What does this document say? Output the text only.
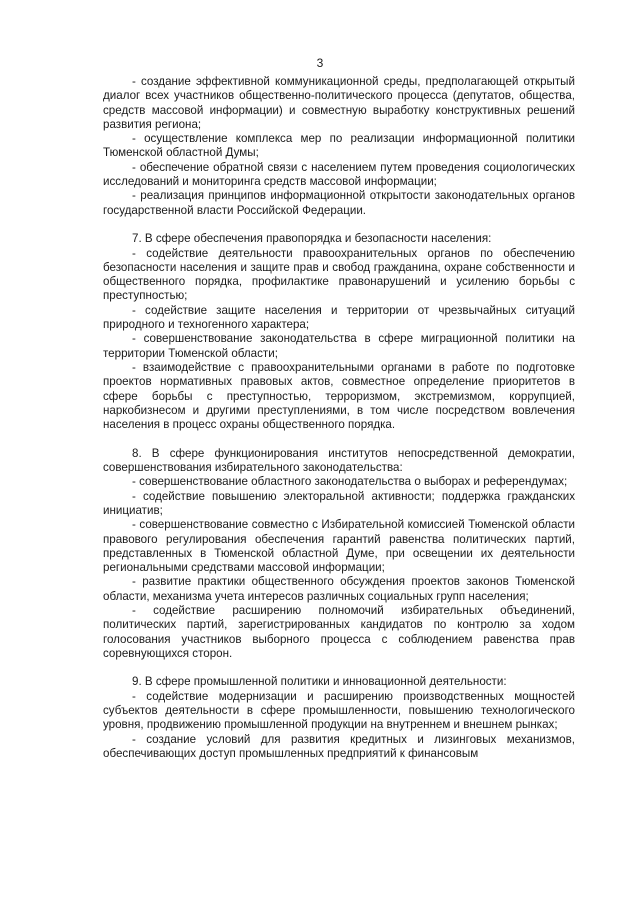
3

- создание эффективной коммуникационной среды, предполагающей открытый диалог всех участников общественно-политического процесса (депутатов, общества, средств массовой информации) и совместную выработку конструктивных решений развития региона;

- осуществление комплекса мер по реализации информационной политики Тюменской областной Думы;

- обеспечение обратной связи с населением путем проведения социологических исследований и мониторинга средств массовой информации;

- реализация принципов информационной открытости законодательных органов государственной власти Российской Федерации.

7. В сфере обеспечения правопорядка и безопасности населения:

- содействие деятельности правоохранительных органов по обеспечению безопасности населения и защите прав и свобод гражданина, охране собственности и общественного порядка, профилактике правонарушений и усилению борьбы с преступностью;

- содействие защите населения и территории от чрезвычайных ситуаций природного и техногенного характера;

- совершенствование законодательства в сфере миграционной политики на территории Тюменской области;

- взаимодействие с правоохранительными органами в работе по подготовке проектов нормативных правовых актов, совместное определение приоритетов в сфере борьбы с преступностью, терроризмом, экстремизмом, коррупцией, наркобизнесом и другими преступлениями, в том числе посредством вовлечения населения в процесс охраны общественного порядка.

8. В сфере функционирования институтов непосредственной демократии, совершенствования избирательного законодательства:

- совершенствование областного законодательства о выборах и референдумах;

- содействие повышению электоральной активности; поддержка гражданских инициатив;

- совершенствование совместно с Избирательной комиссией Тюменской области правового регулирования обеспечения гарантий равенства политических партий, представленных в Тюменской областной Думе, при освещении их деятельности региональными средствами массовой информации;

- развитие практики общественного обсуждения проектов законов Тюменской области, механизма учета интересов различных социальных групп населения;

- содействие расширению полномочий избирательных объединений, политических партий, зарегистрированных кандидатов по контролю за ходом голосования участников выборного процесса с соблюдением равенства прав соревнующихся сторон.

9. В сфере промышленной политики и инновационной деятельности:

- содействие модернизации и расширению производственных мощностей субъектов деятельности в сфере промышленности, повышению технологического уровня, продвижению промышленной продукции на внутреннем и внешнем рынках;

- создание условий для развития кредитных и лизинговых механизмов, обеспечивающих доступ промышленных предприятий к финансовым
